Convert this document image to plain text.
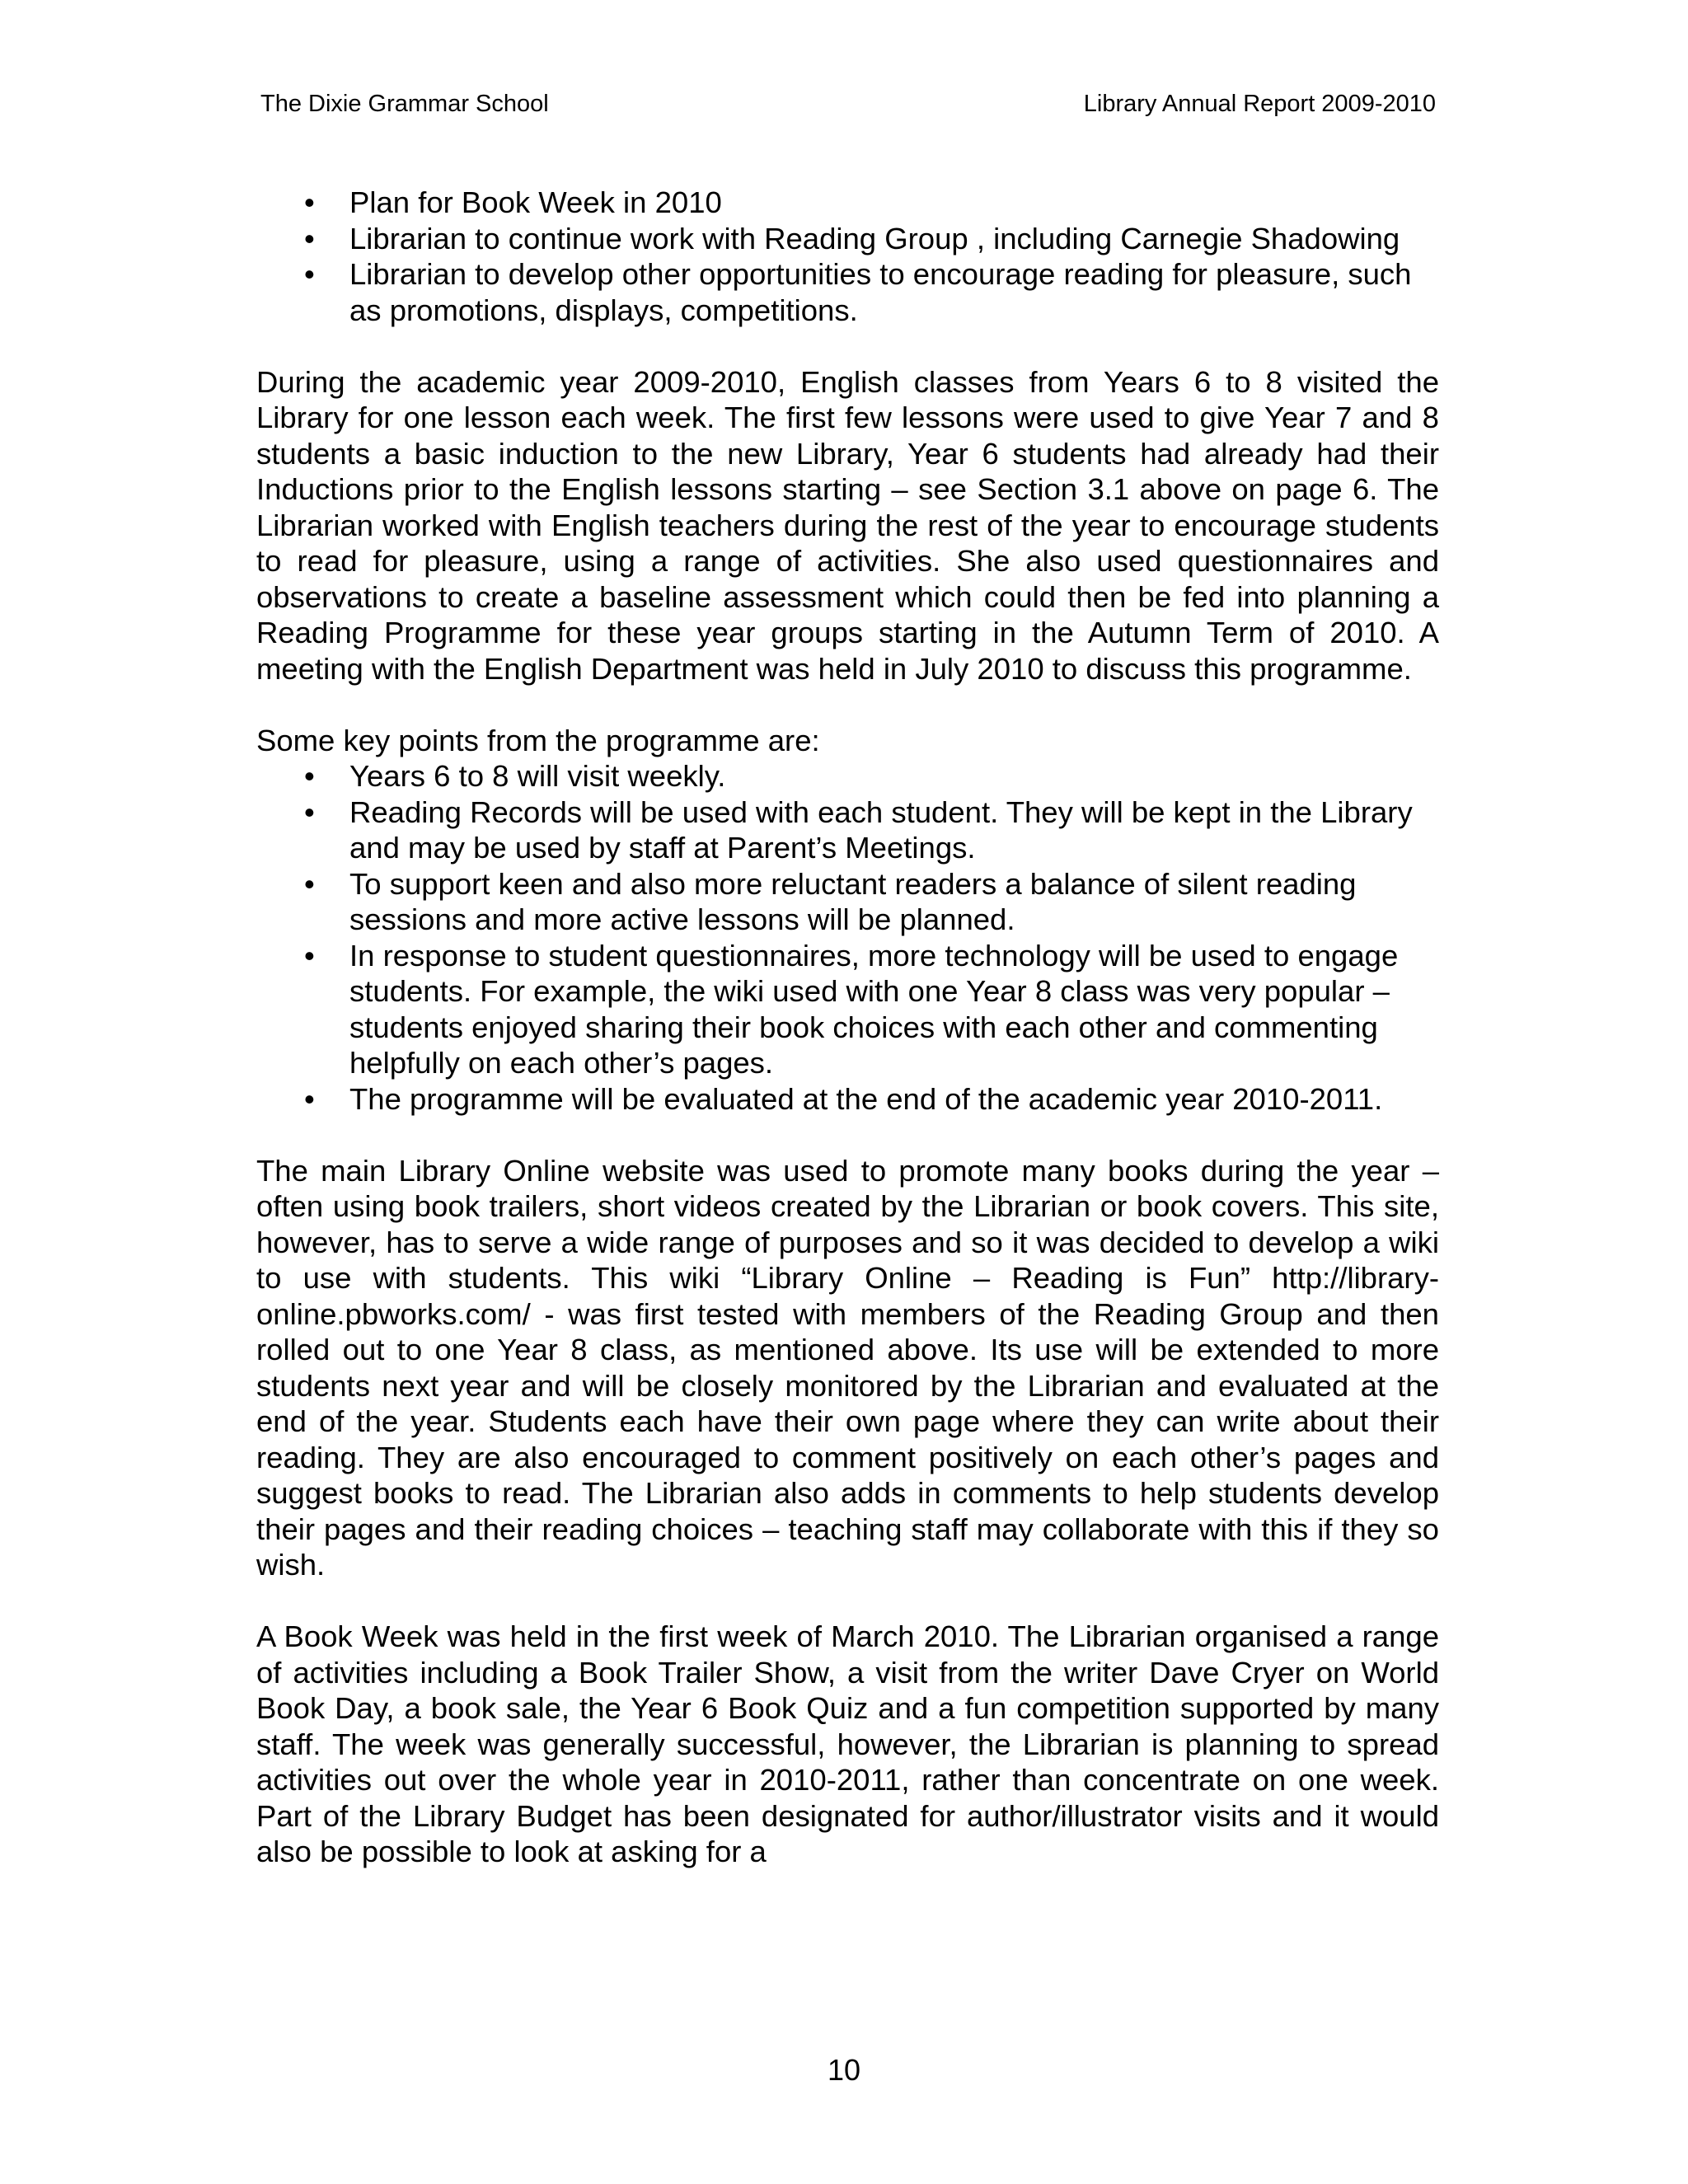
The Dixie Grammar School	Library Annual Report 2009-2010
• Plan for Book Week in 2010
• Librarian to continue work with Reading Group , including Carnegie Shadowing
• Librarian to develop other opportunities to encourage reading for pleasure, such as promotions, displays, competitions.

During the academic year 2009-2010, English classes from Years 6 to 8 visited the Library for one lesson each week. The first few lessons were used to give Year 7 and 8 students a basic induction to the new Library, Year 6 students had already had their Inductions prior to the English lessons starting – see Section 3.1 above on page 6. The Librarian worked with English teachers during the rest of the year to encourage students to read for pleasure, using a range of activities. She also used questionnaires and observations to create a baseline assessment which could then be fed into planning a Reading Programme for these year groups starting in the Autumn Term of 2010. A meeting with the English Department was held in July 2010 to discuss this programme.

Some key points from the programme are:

• Years 6 to 8 will visit weekly.
• Reading Records will be used with each student. They will be kept in the Library and may be used by staff at Parent’s Meetings.
• To support keen and also more reluctant readers a balance of silent reading sessions and more active lessons will be planned.
• In response to student questionnaires, more technology will be used to engage students. For example, the wiki used with one Year 8 class was very popular – students enjoyed sharing their book choices with each other and commenting helpfully on each other’s pages.
• The programme will be evaluated at the end of the academic year 2010-2011.

The main Library Online website was used to promote many books during the year – often using book trailers, short videos created by the Librarian or book covers. This site, however, has to serve a wide range of purposes and so it was decided to develop a wiki to use with students. This wiki “Library Online – Reading is Fun” http://library-online.pbworks.com/ - was first tested with members of the Reading Group and then rolled out to one Year 8 class, as mentioned above. Its use will be extended to more students next year and will be closely monitored by the Librarian and evaluated at the end of the year. Students each have their own page where they can write about their reading. They are also encouraged to comment positively on each other’s pages and suggest books to read. The Librarian also adds in comments to help students develop their pages and their reading choices – teaching staff may collaborate with this if they so wish.

A Book Week was held in the first week of March 2010. The Librarian organised a range of activities including a Book Trailer Show, a visit from the writer Dave Cryer on World Book Day, a book sale, the Year 6 Book Quiz and a fun competition supported by many staff. The week was generally successful, however, the Librarian is planning to spread activities out over the whole year in 2010-2011, rather than concentrate on one week. Part of the Library Budget has been designated for author/illustrator visits and it would also be possible to look at asking for a

10
